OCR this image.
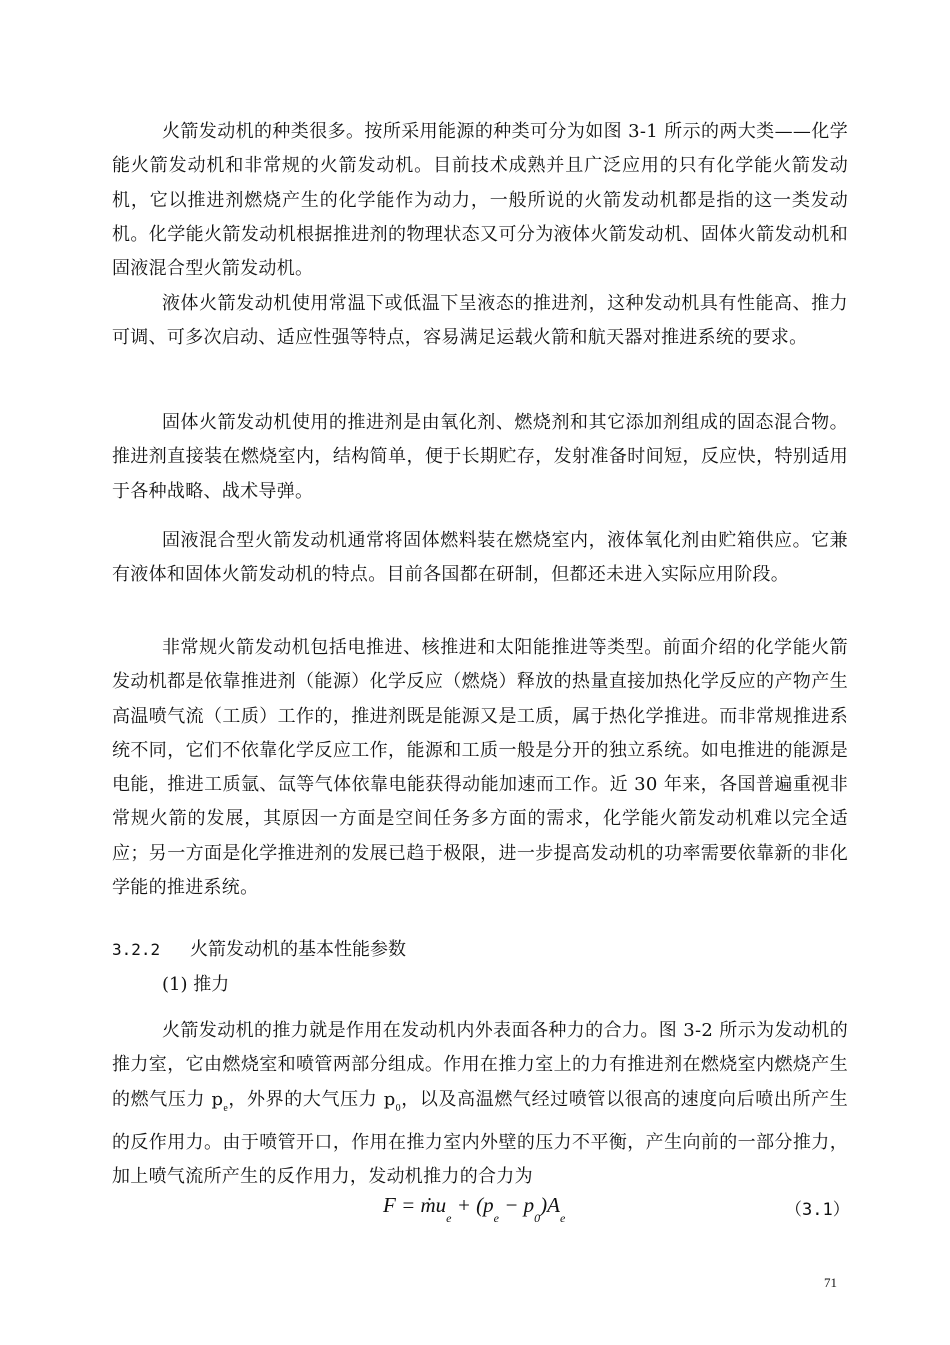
火箭发动机的种类很多。按所采用能源的种类可分为如图 3-1 所示的两大类——化学能火箭发动机和非常规的火箭发动机。目前技术成熟并且广泛应用的只有化学能火箭发动机，它以推进剂燃烧产生的化学能作为动力，一般所说的火箭发动机都是指的这一类发动机。化学能火箭发动机根据推进剂的物理状态又可分为液体火箭发动机、固体火箭发动机和固液混合型火箭发动机。

液体火箭发动机使用常温下或低温下呈液态的推进剂，这种发动机具有性能高、推力可调、可多次启动、适应性强等特点，容易满足运载火箭和航天器对推进系统的要求。

固体火箭发动机使用的推进剂是由氧化剂、燃烧剂和其它添加剂组成的固态混合物。推进剂直接装在燃烧室内，结构简单，便于长期贮存，发射准备时间短，反应快，特别适用于各种战略、战术导弹。

固液混合型火箭发动机通常将固体燃料装在燃烧室内，液体氧化剂由贮箱供应。它兼有液体和固体火箭发动机的特点。目前各国都在研制，但都还未进入实际应用阶段。

非常规火箭发动机包括电推进、核推进和太阳能推进等类型。前面介绍的化学能火箭发动机都是依靠推进剂（能源）化学反应（燃烧）释放的热量直接加热化学反应的产物产生高温喷气流（工质）工作的，推进剂既是能源又是工质，属于热化学推进。而非常规推进系统不同，它们不依靠化学反应工作，能源和工质一般是分开的独立系统。如电推进的能源是电能，推进工质氩、氙等气体依靠电能获得动能加速而工作。近 30 年来，各国普遍重视非常规火箭的发展，其原因一方面是空间任务多方面的需求，化学能火箭发动机难以完全适应；另一方面是化学推进剂的发展已趋于极限，进一步提高发动机的功率需要依靠新的非化学能的推进系统。

3.2.2 火箭发动机的基本性能参数
(1) 推力

火箭发动机的推力就是作用在发动机内外表面各种力的合力。图 3-2 所示为发动机的推力室，它由燃烧室和喷管两部分组成。作用在推力室上的力有推进剂在燃烧室内燃烧产生的燃气压力 $p_e$，外界的大气压力 $p_0$，以及高温燃气经过喷管以很高的速度向后喷出所产生的反作用力。由于喷管开口，作用在推力室内外壁的压力不平衡，产生向前的一部分推力，加上喷气流所产生的反作用力，发动机推力的合力为

F = ṁu$_e$ + $(p_e - p_0)A_e$	（3.1）
71
